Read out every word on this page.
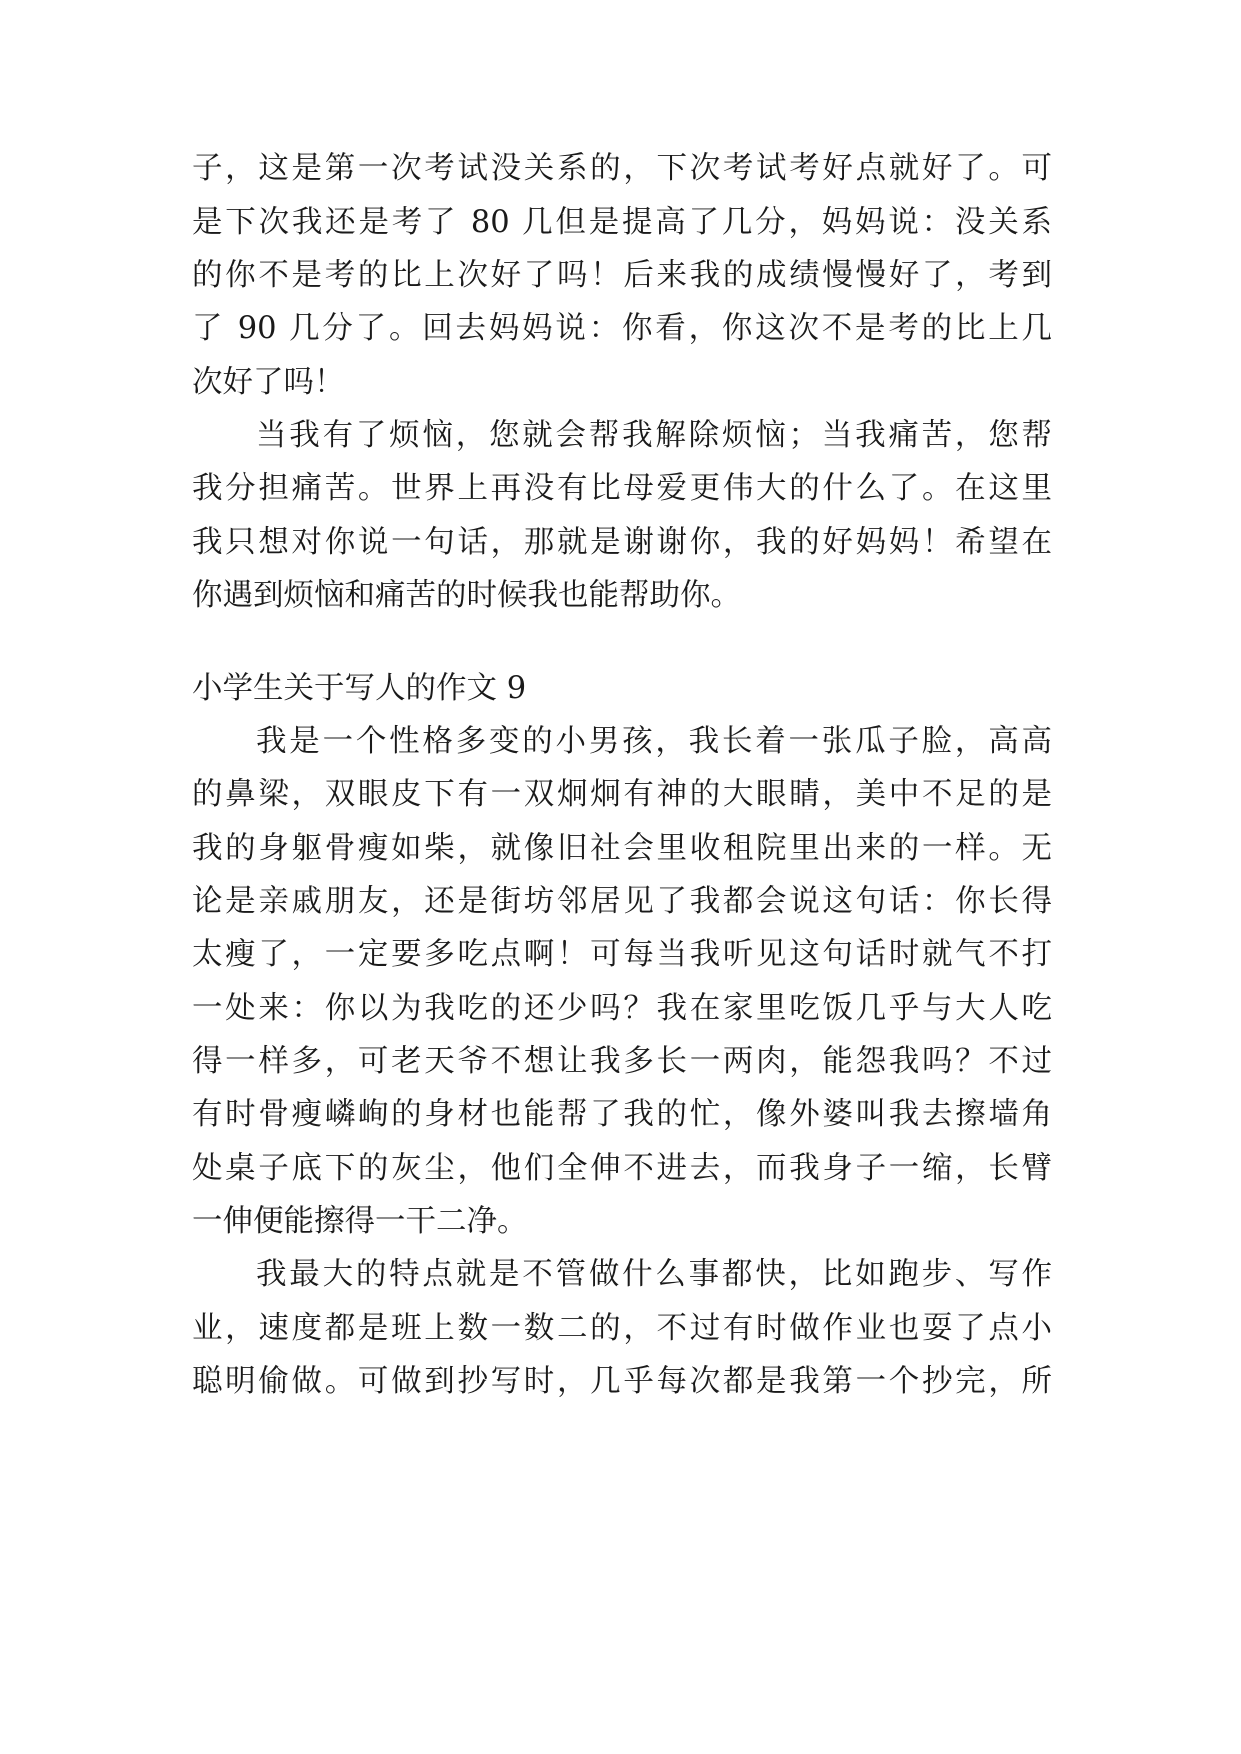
子，这是第一次考试没关系的，下次考试考好点就好了。可
是下次我还是考了 80 几但是提高了几分，妈妈说：没关系
的你不是考的比上次好了吗！后来我的成绩慢慢好了，考到
了 90 几分了。回去妈妈说：你看，你这次不是考的比上几
次好了吗！
当我有了烦恼，您就会帮我解除烦恼；当我痛苦，您帮
我分担痛苦。世界上再没有比母爱更伟大的什么了。在这里
我只想对你说一句话，那就是谢谢你，我的好妈妈！希望在
你遇到烦恼和痛苦的时候我也能帮助你。
小学生关于写人的作文 9
我是一个性格多变的小男孩，我长着一张瓜子脸，高高
的鼻梁，双眼皮下有一双炯炯有神的大眼睛，美中不足的是
我的身躯骨瘦如柴，就像旧社会里收租院里出来的一样。无
论是亲戚朋友，还是街坊邻居见了我都会说这句话：你长得
太瘦了，一定要多吃点啊！可每当我听见这句话时就气不打
一处来：你以为我吃的还少吗？我在家里吃饭几乎与大人吃
得一样多，可老天爷不想让我多长一两肉，能怨我吗？不过
有时骨瘦嶙峋的身材也能帮了我的忙，像外婆叫我去擦墙角
处桌子底下的灰尘，他们全伸不进去，而我身子一缩，长臂
一伸便能擦得一干二净。
我最大的特点就是不管做什么事都快，比如跑步、写作
业，速度都是班上数一数二的，不过有时做作业也耍了点小
聪明偷做。可做到抄写时，几乎每次都是我第一个抄完，所
